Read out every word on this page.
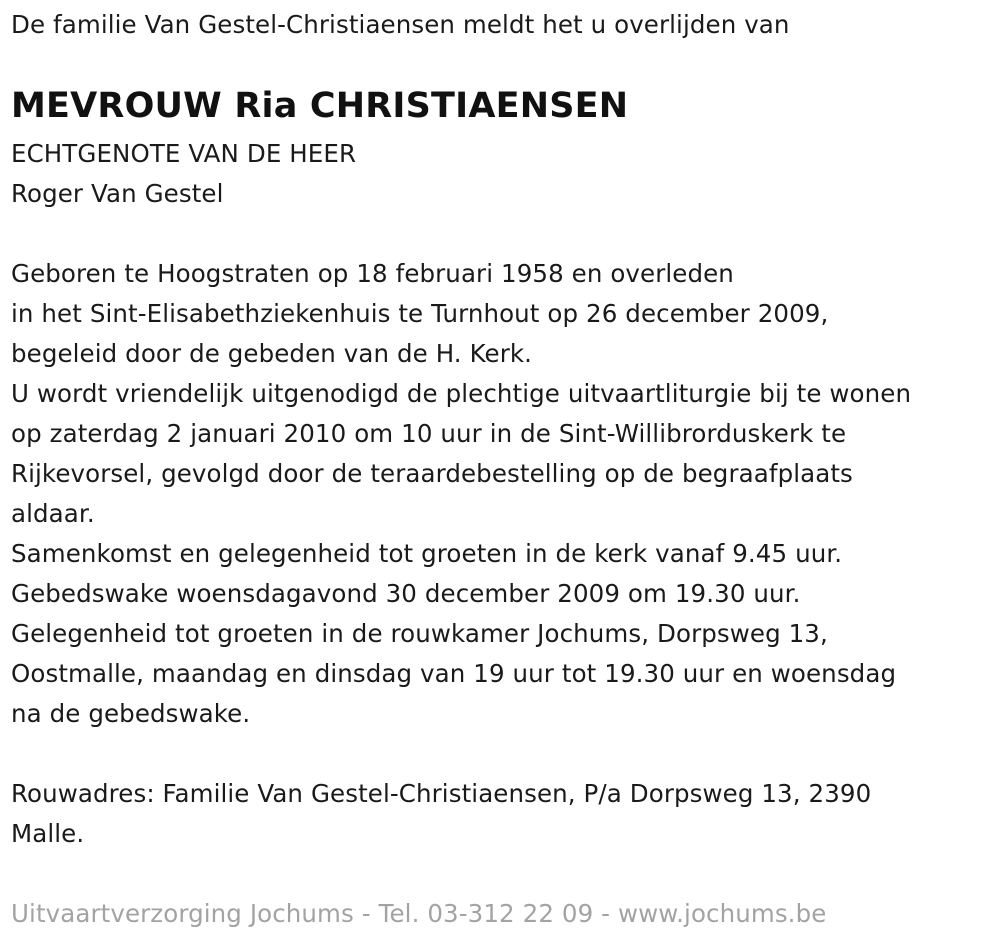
De familie Van Gestel-Christiaensen meldt het u overlijden van
MEVROUW Ria CHRISTIAENSEN
ECHTGENOTE VAN DE HEER
Roger Van Gestel
Geboren te Hoogstraten op 18 februari 1958 en overleden
in het Sint-Elisabethziekenhuis te Turnhout op 26 december 2009,
begeleid door de gebeden van de H. Kerk.
U wordt vriendelijk uitgenodigd de plechtige uitvaartliturgie bij te wonen
op zaterdag 2 januari 2010 om 10 uur in de Sint-Willibrorduskerk te
Rijkevorsel, gevolgd door de teraardebestelling op de begraafplaats
aldaar.
Samenkomst en gelegenheid tot groeten in de kerk vanaf 9.45 uur.
Gebedswake woensdagavond 30 december 2009 om 19.30 uur.
Gelegenheid tot groeten in de rouwkamer Jochums, Dorpsweg 13,
Oostmalle, maandag en dinsdag van 19 uur tot 19.30 uur en woensdag
na de gebedswake.
Rouwadres: Familie Van Gestel-Christiaensen, P/a Dorpsweg 13, 2390
Malle.
Uitvaartverzorging Jochums - Tel. 03-312 22 09 - www.jochums.be
